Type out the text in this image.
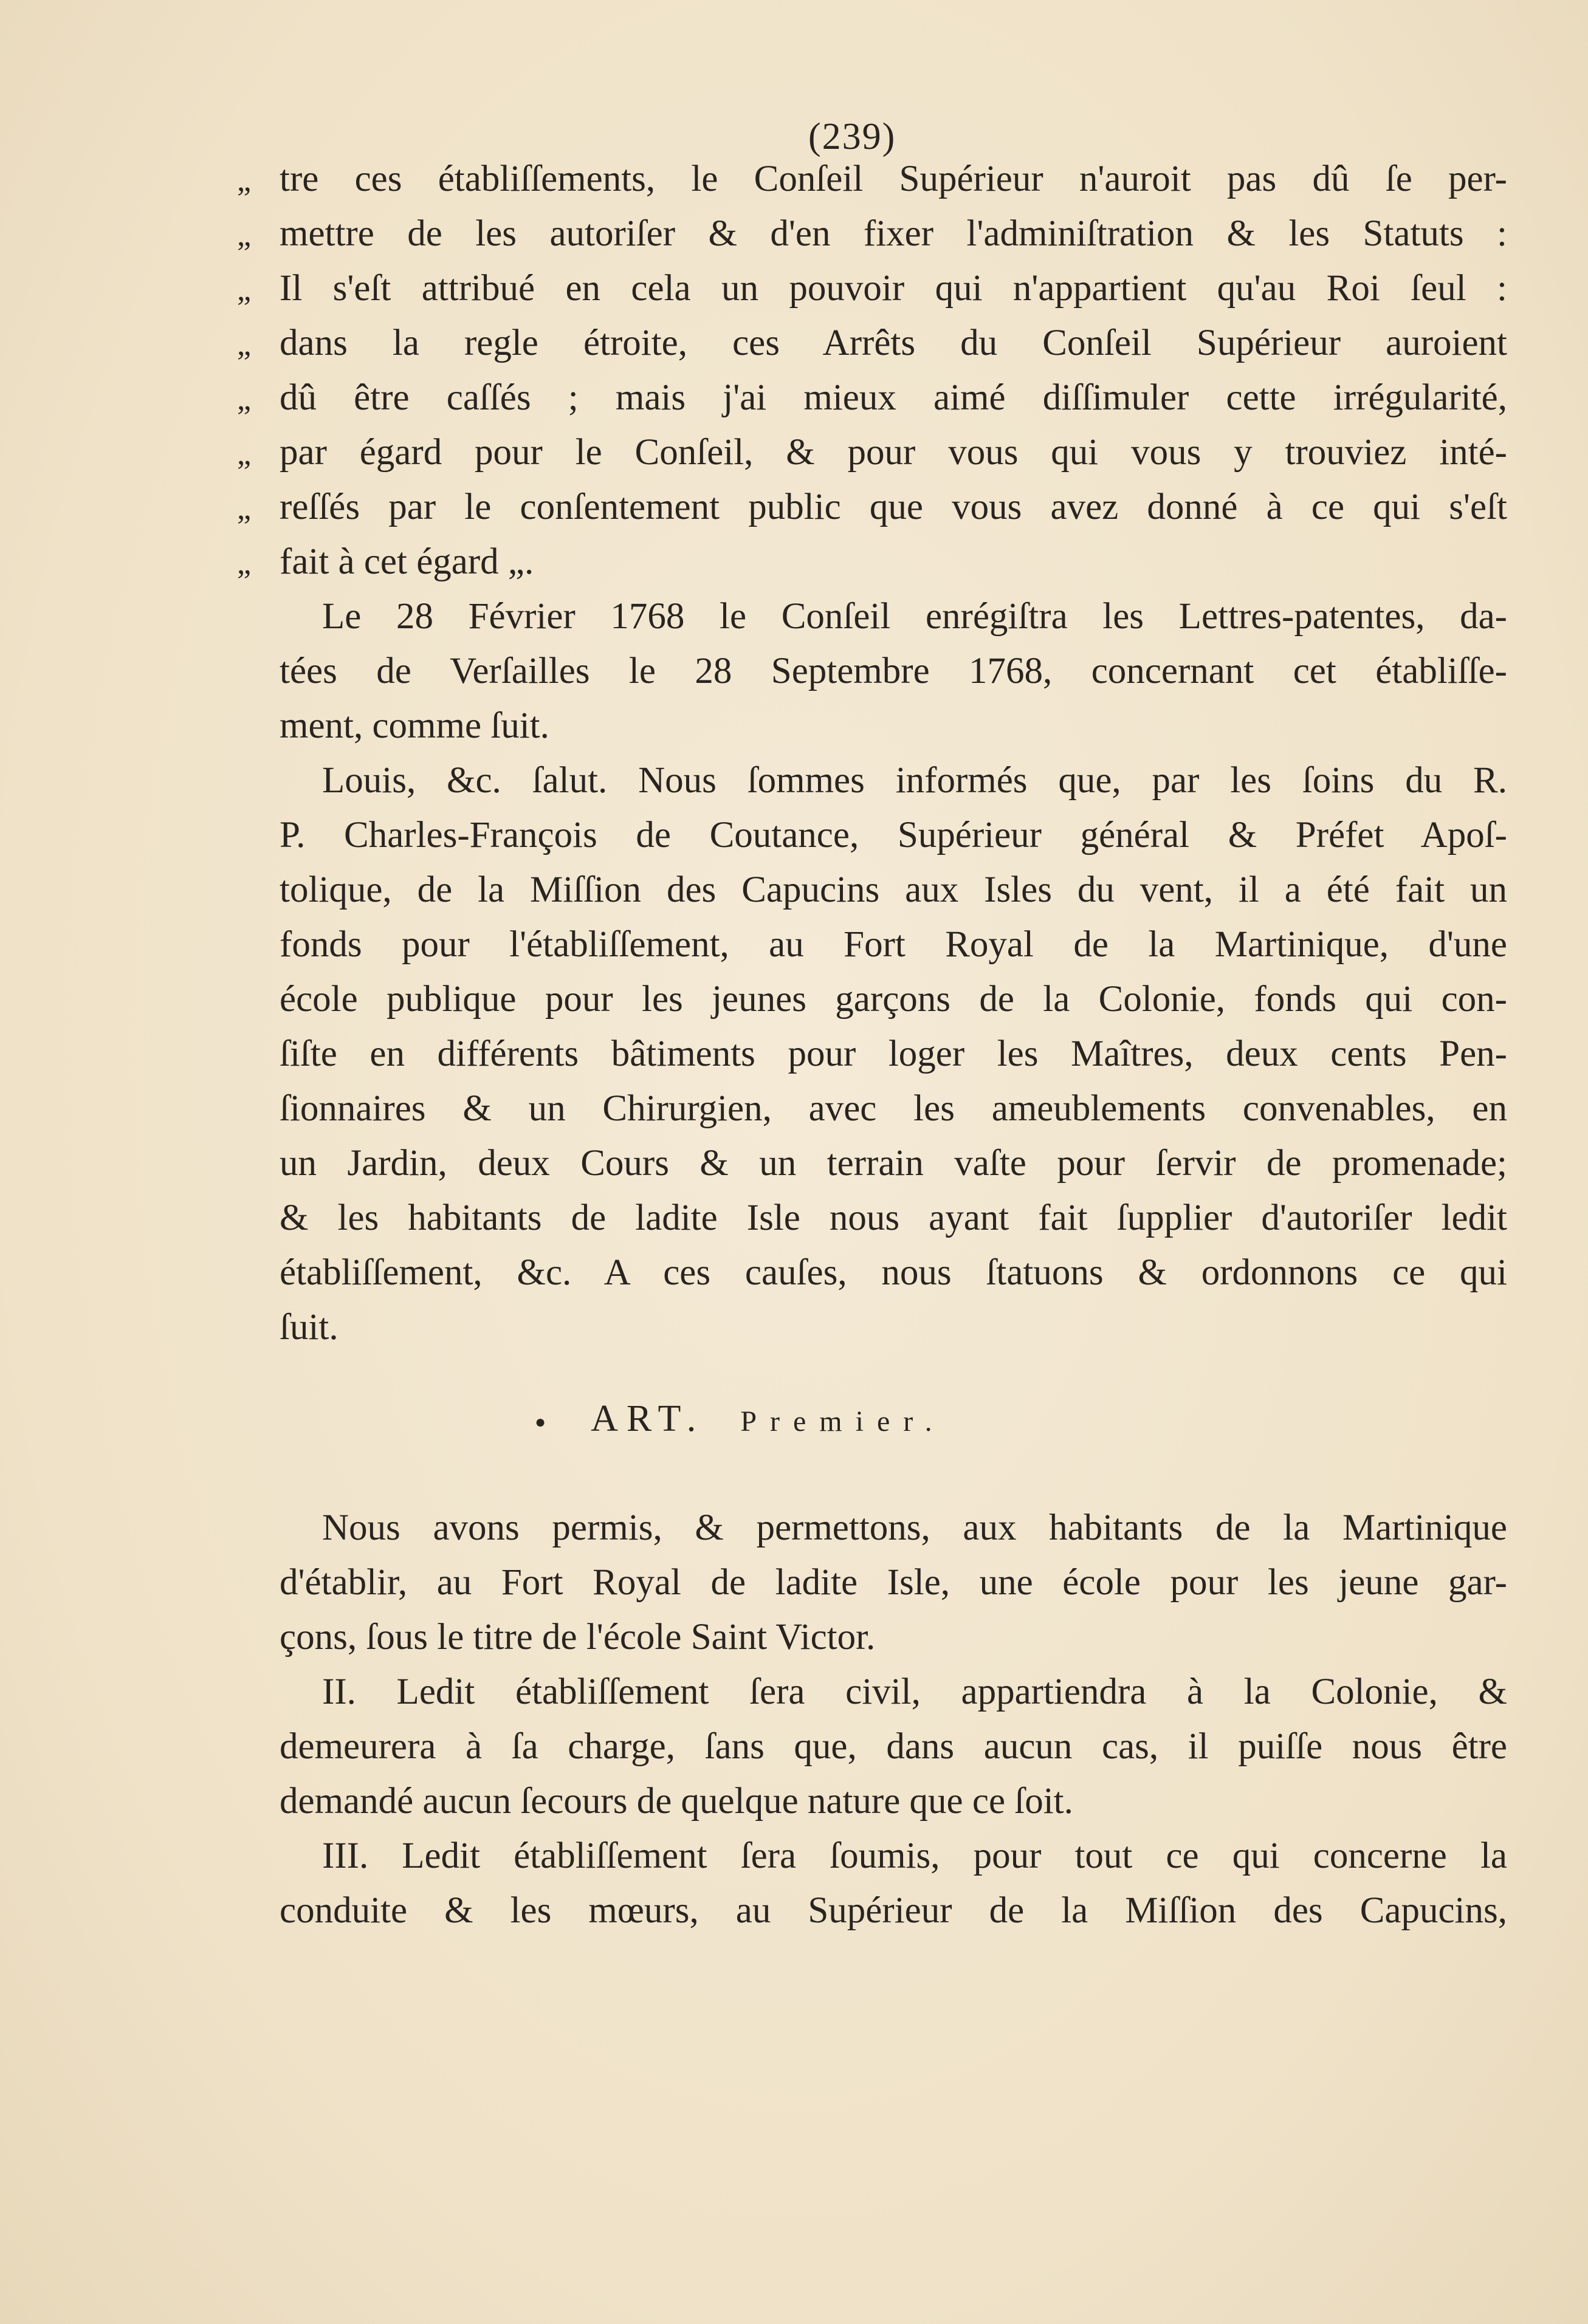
(239)
„ tre ces établiſſements, le Conſeil Supérieur n'auroit pas dû ſe per-
„ mettre de les autoriſer & d'en fixer l'adminiſtration & les Statuts :
„ Il s'eſt attribué en cela un pouvoir qui n'appartient qu'au Roi ſeul :
„ dans la regle étroite, ces Arrêts du Conſeil Supérieur auroient
„ dû être caſſés ; mais j'ai mieux aimé diſſimuler cette irrégularité,
„ par égard pour le Conſeil, & pour vous qui vous y trouviez inté-
„ reſſés par le conſentement public que vous avez donné à ce qui s'eſt
„ fait à cet égard „.
Le 28 Février 1768 le Conſeil enrégiſtra les Lettres-patentes, da-
tées de Verſailles le 28 Septembre 1768, concernant cet établiſſe-
ment, comme ſuit.
Louis, &c. ſalut. Nous ſommes informés que, par les ſoins du R.
P. Charles-François de Coutance, Supérieur général & Préfet Apoſ-
tolique, de la Miſſion des Capucins aux Isles du vent, il a été fait un
fonds pour l'établiſſement, au Fort Royal de la Martinique, d'une
école publique pour les jeunes garçons de la Colonie, fonds qui con-
ſiſte en différents bâtiments pour loger les Maîtres, deux cents Pen-
ſionnaires & un Chirurgien, avec les ameublements convenables, en
un Jardin, deux Cours & un terrain vaſte pour ſervir de promenade;
& les habitants de ladite Isle nous ayant fait ſupplier d'autoriſer ledit
établiſſement, &c. A ces cauſes, nous ſtatuons & ordonnons ce qui
ſuit.
● ART. Premier.
Nous avons permis, & permettons, aux habitants de la Martinique
d'établir, au Fort Royal de ladite Isle, une école pour les jeune gar-
çons, ſous le titre de l'école Saint Victor.
II. Ledit établiſſement ſera civil, appartiendra à la Colonie, &
demeurera à ſa charge, ſans que, dans aucun cas, il puiſſe nous être
demandé aucun ſecours de quelque nature que ce ſoit.
III. Ledit établiſſement ſera ſoumis, pour tout ce qui concerne la
conduite & les mœurs, au Supérieur de la Miſſion des Capucins,
